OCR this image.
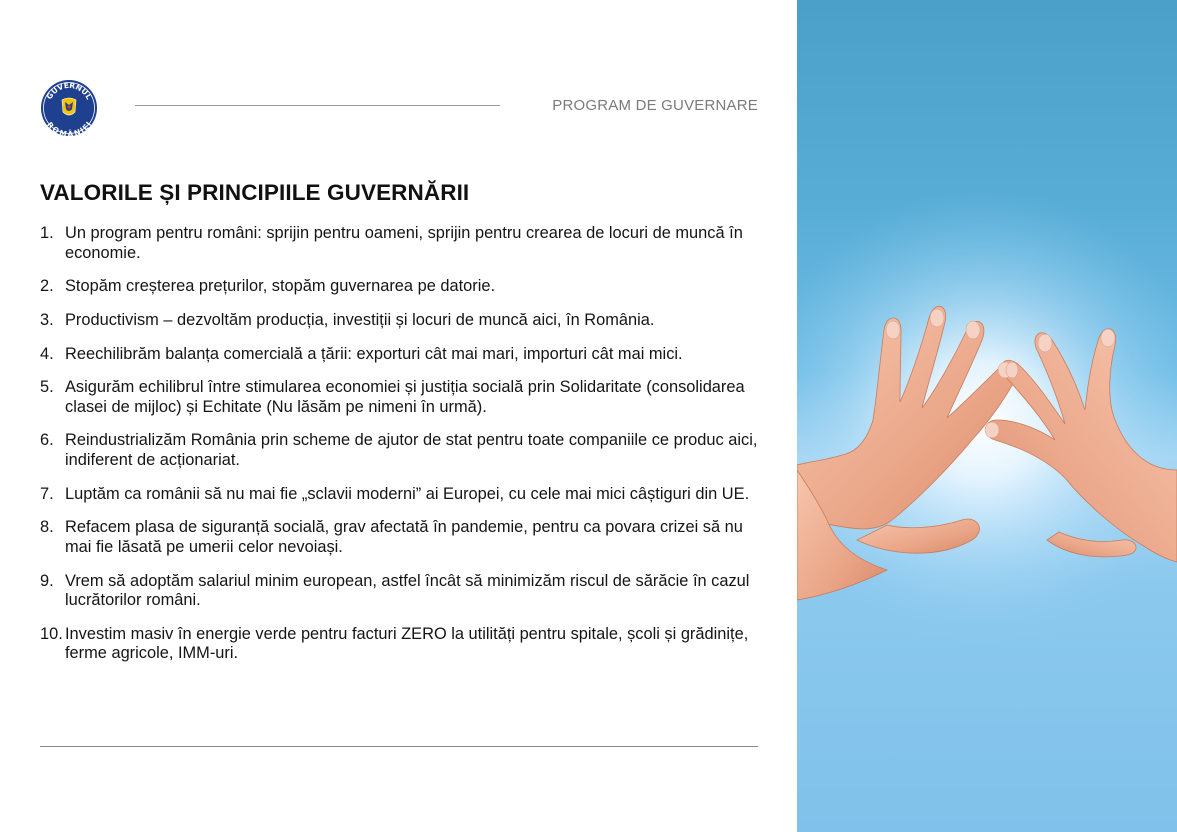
GUVERNUL
ROMÂNIEI
PROGRAM DE GUVERNARE
VALORILE ȘI PRINCIPIILE GUVERNĂRII
1. Un program pentru români: sprijin pentru oameni, sprijin pentru crearea de locuri de muncă în economie.
2. Stopăm creșterea prețurilor, stopăm guvernarea pe datorie.
3. Productivism – dezvoltăm producția, investiții și locuri de muncă aici, în România.
4. Reechilibrăm balanța comercială a țării: exporturi cât mai mari, importuri cât mai mici.
5. Asigurăm echilibrul între stimularea economiei și justiția socială prin Solidaritate (consolidarea clasei de mijloc) și Echitate (Nu lăsăm pe nimeni în urmă).
6. Reindustrializăm România prin scheme de ajutor de stat pentru toate companiile ce produc aici, indiferent de acționariat.
7. Luptăm ca românii să nu mai fie „sclavii moderni” ai Europei, cu cele mai mici câștiguri din UE.
8. Refacem plasa de siguranță socială, grav afectată în pandemie, pentru ca povara crizei să nu mai fie lăsată pe umerii celor nevoiași.
9. Vrem să adoptăm salariul minim european, astfel încât să minimizăm riscul de sărăcie în cazul lucrătorilor români.
10. Investim masiv în energie verde pentru facturi ZERO la utilități pentru spitale, școli și grădinițe, ferme agricole, IMM-uri.
